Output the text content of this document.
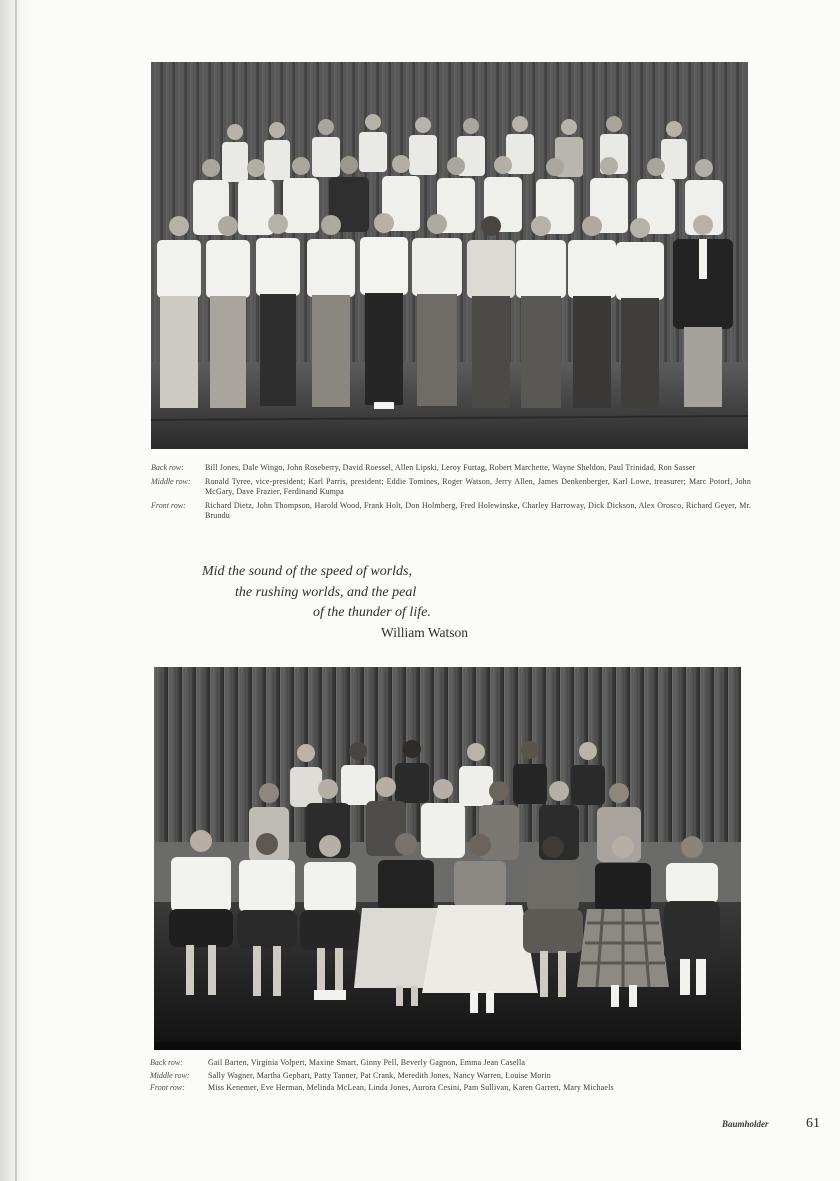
Back row:	Bill Jones, Dale Wingo, John Roseberry, David Roessel, Allen Lipski, Leroy Furtag, Robert Marchette, Wayne Sheldon, Paul Trinidad, Ron Sasser
Middle row:	Ronald Tyree, vice-president; Karl Parris, president; Eddie Tomines, Roger Watson, Jerry Allen, James Denkenberger, Karl Lowe, treasurer; Marc Potorf, John McGary, Dave Frazier, Ferdinand Kumpa
Front row:	Richard Dietz, John Thompson, Harold Wood, Frank Holt, Don Holmberg, Fred Holewinske, Charley Harroway, Dick Dickson, Alex Orosco, Richard Geyer, Mr. Brundu
Mid the sound of the speed of worlds,
the rushing worlds, and the peal
of the thunder of life.
William Watson
Back row:	Gail Barten, Virginia Volpert, Maxine Smart, Ginny Pell, Beverly Gagnon, Emma Jean Casella
Middle row:	Sally Wagner, Martha Gephart, Patty Tanner, Pat Crank, Meredith Jones, Nancy Warren, Louise Morin
Front row:	Miss Kenemer, Eve Herman, Melinda McLean, Linda Jones, Aurora Cesini, Pam Sullivan, Karen Garrett, Mary Michaels
Baumholder	61
